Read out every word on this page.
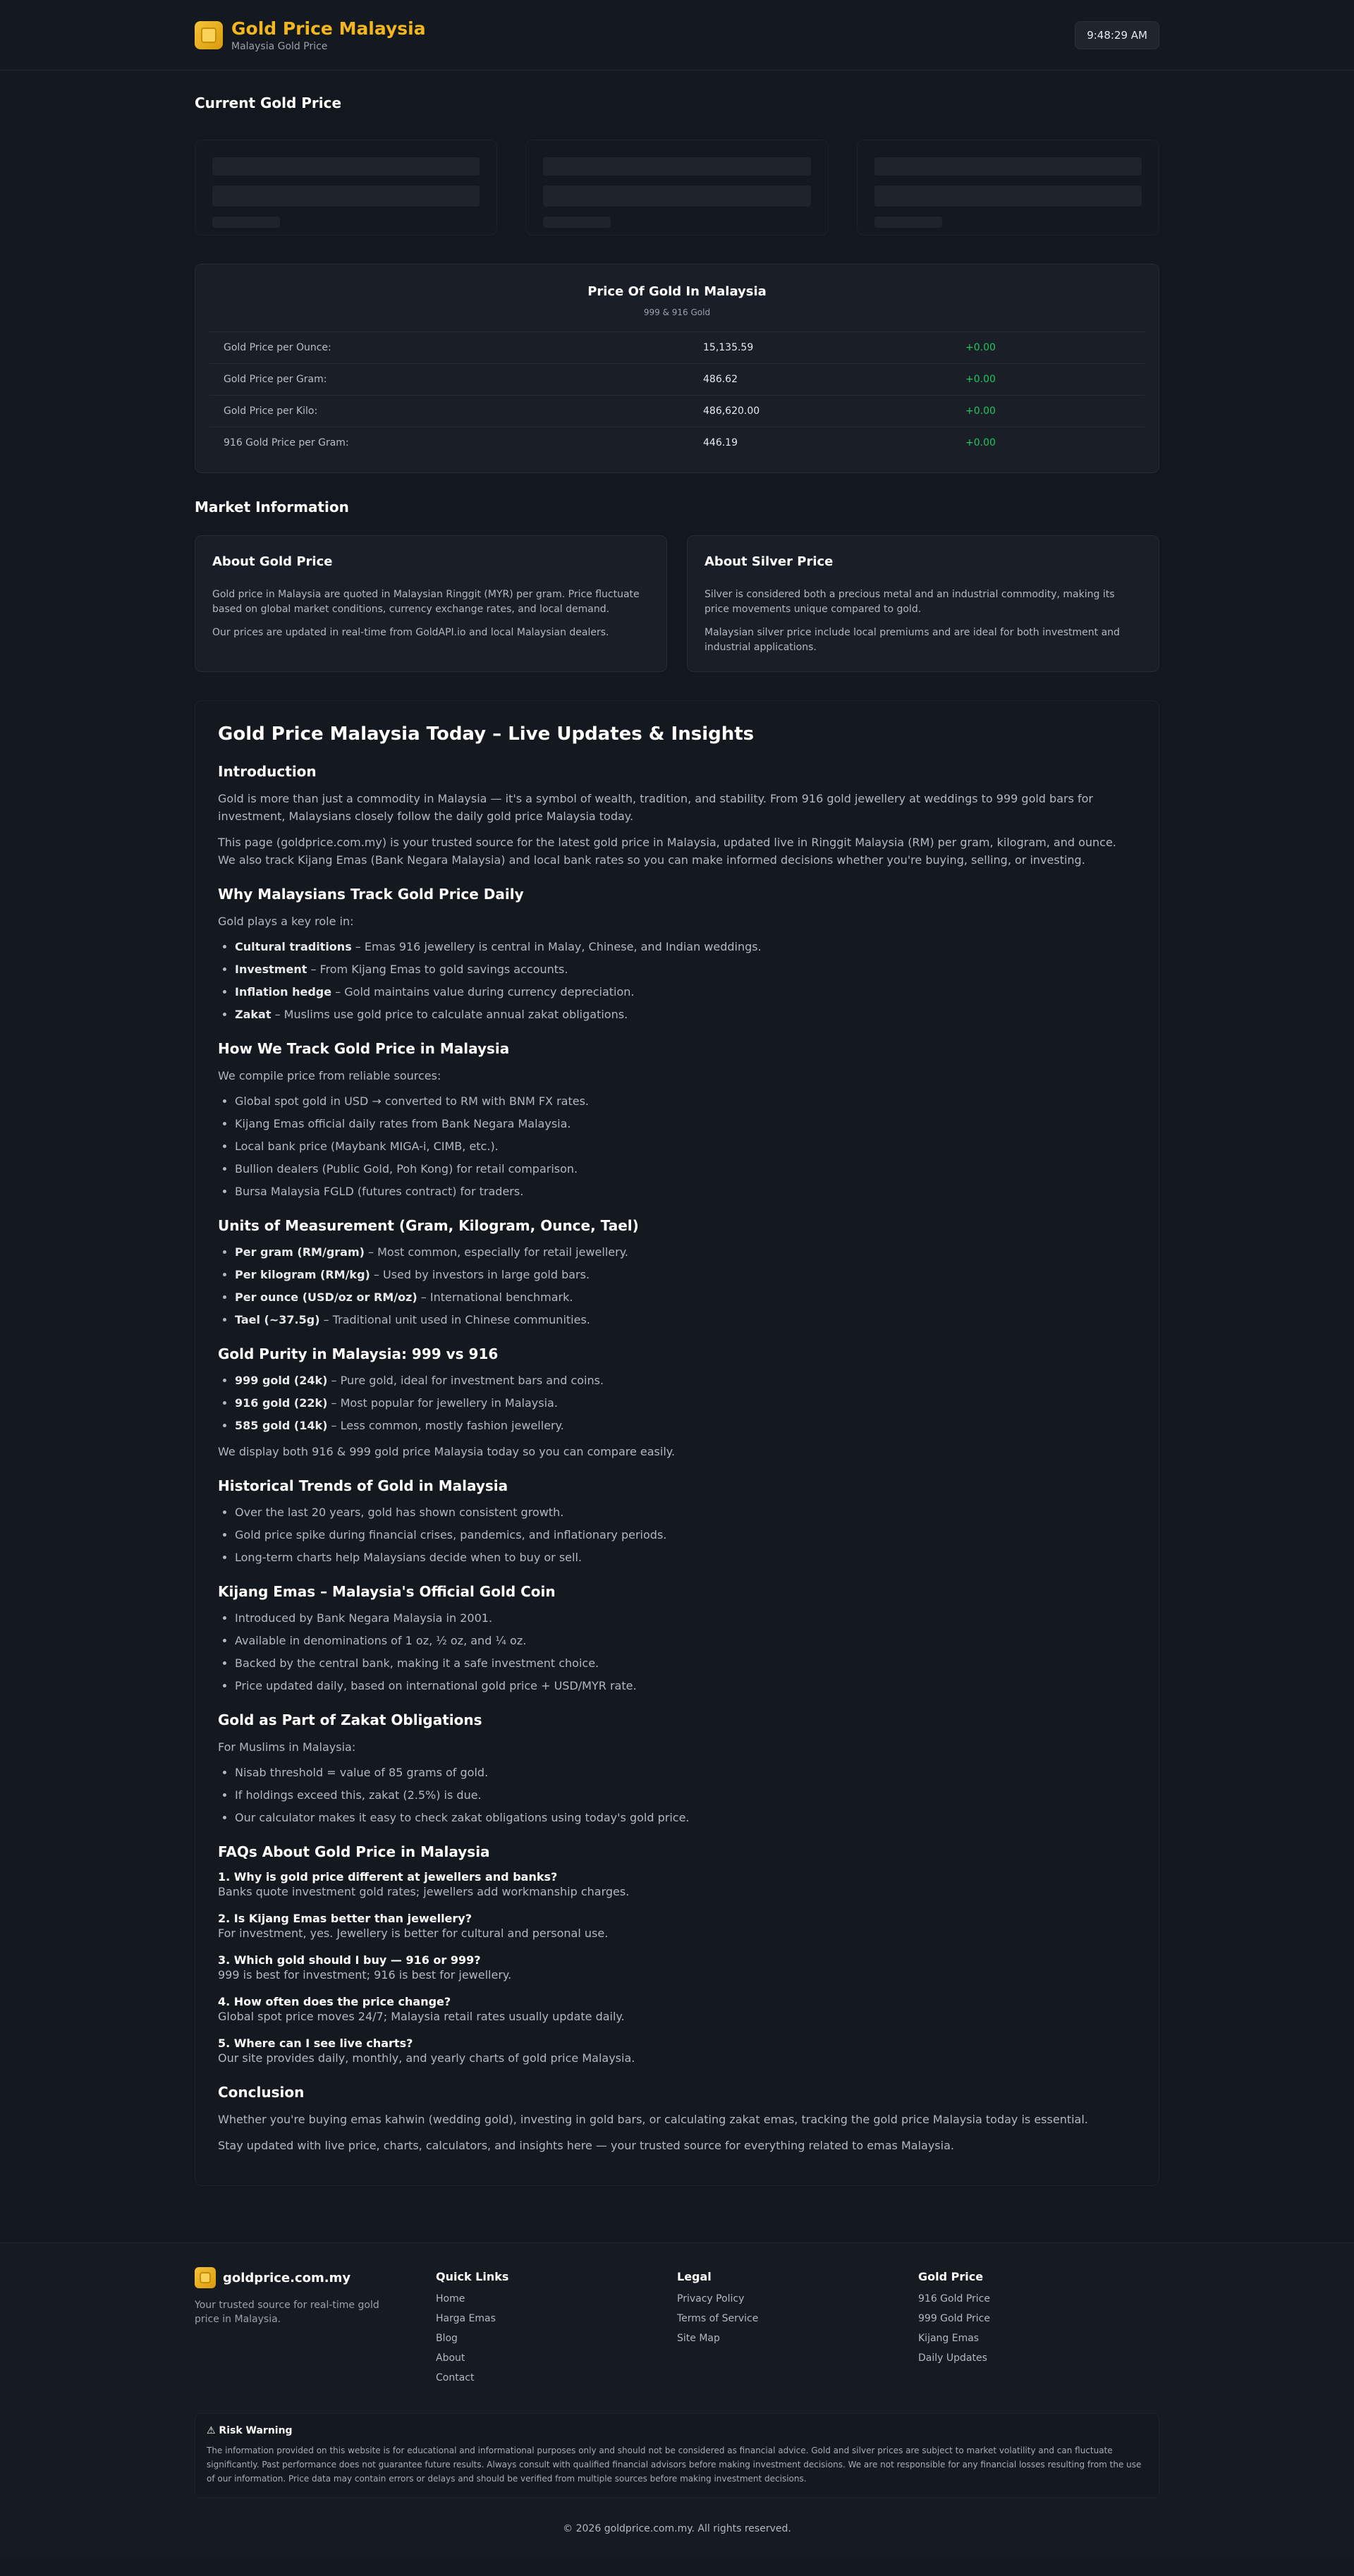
Gold Price Malaysia
Malaysia Gold Price
9:48:29 AM
Current Gold Price
Price Of Gold In Malaysia
999 & 916 Gold
Gold Price per Ounce:	15,135.59	+0.00
Gold Price per Gram:	486.62	+0.00
Gold Price per Kilo:	486,620.00	+0.00
916 Gold Price per Gram:	446.19	+0.00
Market Information
About Gold Price

Gold price in Malaysia are quoted in Malaysian Ringgit (MYR) per gram. Price fluctuate based on global market conditions, currency exchange rates, and local demand.

Our prices are updated in real-time from GoldAPI.io and local Malaysian dealers.

About Silver Price

Silver is considered both a precious metal and an industrial commodity, making its price movements unique compared to gold.

Malaysian silver price include local premiums and are ideal for both investment and industrial applications.

Gold Price Malaysia Today – Live Updates & Insights
Introduction

Gold is more than just a commodity in Malaysia — it's a symbol of wealth, tradition, and stability. From 916 gold jewellery at weddings to 999 gold bars for investment, Malaysians closely follow the daily gold price Malaysia today.

This page (goldprice.com.my) is your trusted source for the latest gold price in Malaysia, updated live in Ringgit Malaysia (RM) per gram, kilogram, and ounce. We also track Kijang Emas (Bank Negara Malaysia) and local bank rates so you can make informed decisions whether you're buying, selling, or investing.

Why Malaysians Track Gold Price Daily

Gold plays a key role in:

• Cultural traditions – Emas 916 jewellery is central in Malay, Chinese, and Indian weddings.
• Investment – From Kijang Emas to gold savings accounts.
• Inflation hedge – Gold maintains value during currency depreciation.
• Zakat – Muslims use gold price to calculate annual zakat obligations.
How We Track Gold Price in Malaysia

We compile price from reliable sources:

• Global spot gold in USD → converted to RM with BNM FX rates.
• Kijang Emas official daily rates from Bank Negara Malaysia.
• Local bank price (Maybank MIGA-i, CIMB, etc.).
• Bullion dealers (Public Gold, Poh Kong) for retail comparison.
• Bursa Malaysia FGLD (futures contract) for traders.
Units of Measurement (Gram, Kilogram, Ounce, Tael)
• Per gram (RM/gram) – Most common, especially for retail jewellery.
• Per kilogram (RM/kg) – Used by investors in large gold bars.
• Per ounce (USD/oz or RM/oz) – International benchmark.
• Tael (~37.5g) – Traditional unit used in Chinese communities.
Gold Purity in Malaysia: 999 vs 916
• 999 gold (24k) – Pure gold, ideal for investment bars and coins.
• 916 gold (22k) – Most popular for jewellery in Malaysia.
• 585 gold (14k) – Less common, mostly fashion jewellery.

We display both 916 & 999 gold price Malaysia today so you can compare easily.

Historical Trends of Gold in Malaysia
• Over the last 20 years, gold has shown consistent growth.
• Gold price spike during financial crises, pandemics, and inflationary periods.
• Long-term charts help Malaysians decide when to buy or sell.
Kijang Emas – Malaysia's Official Gold Coin
• Introduced by Bank Negara Malaysia in 2001.
• Available in denominations of 1 oz, ½ oz, and ¼ oz.
• Backed by the central bank, making it a safe investment choice.
• Price updated daily, based on international gold price + USD/MYR rate.
Gold as Part of Zakat Obligations

For Muslims in Malaysia:

• Nisab threshold = value of 85 grams of gold.
• If holdings exceed this, zakat (2.5%) is due.
• Our calculator makes it easy to check zakat obligations using today's gold price.
FAQs About Gold Price in Malaysia
1. Why is gold price different at jewellers and banks?
Banks quote investment gold rates; jewellers add workmanship charges.
2. Is Kijang Emas better than jewellery?
For investment, yes. Jewellery is better for cultural and personal use.
3. Which gold should I buy — 916 or 999?
999 is best for investment; 916 is best for jewellery.
4. How often does the price change?
Global spot price moves 24/7; Malaysia retail rates usually update daily.
5. Where can I see live charts?
Our site provides daily, monthly, and yearly charts of gold price Malaysia.
Conclusion

Whether you're buying emas kahwin (wedding gold), investing in gold bars, or calculating zakat emas, tracking the gold price Malaysia today is essential.

Stay updated with live price, charts, calculators, and insights here — your trusted source for everything related to emas Malaysia.

goldprice.com.my
Your trusted source for real-time gold price in Malaysia.
Quick Links
Home
Harga Emas
Blog
About
Contact
Legal
Privacy Policy
Terms of Service
Site Map
Gold Price
916 Gold Price
999 Gold Price
Kijang Emas
Daily Updates
⚠ Risk Warning

The information provided on this website is for educational and informational purposes only and should not be considered as financial advice. Gold and silver prices are subject to market volatility and can fluctuate significantly. Past performance does not guarantee future results. Always consult with qualified financial advisors before making investment decisions. We are not responsible for any financial losses resulting from the use of our information. Price data may contain errors or delays and should be verified from multiple sources before making investment decisions.

© 2026 goldprice.com.my. All rights reserved.
